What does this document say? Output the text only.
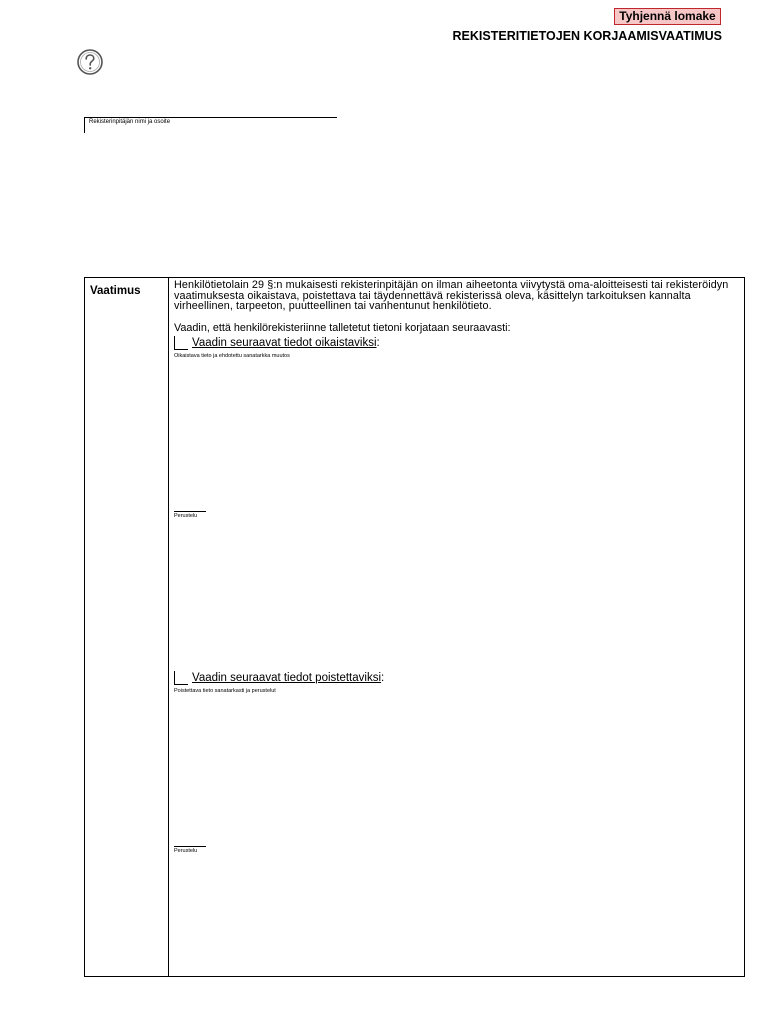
Tyhjennä lomake
REKISTERITIETOJEN KORJAAMISVAATIMUS
Rekisterinpitäjän nimi ja osoite
Vaatimus	Henkilötietolain 29 §:n mukaisesti rekisterinpitäjän on ilman aiheetonta viivytystä oma-aloitteisesti tai rekisteröidyn vaatimuksesta oikaistava, poistettava tai täydennettävä rekisterissä oleva, käsittelyn tarkoituksen kannalta virheellinen, tarpeeton, puutteellinen tai vanhentunut henkilötieto.

Vaadin, että henkilörekisteriinne talletetut tietoni korjataan seuraavasti:

Vaadin seuraavat tiedot oikaistaviksi:
Oikaistava tieto ja ehdotettu sanatarkka muutos
Perustelu
Vaadin seuraavat tiedot poistettaviksi:
Poistettava tieto sanatarkasti ja perustelut
Perustelu
